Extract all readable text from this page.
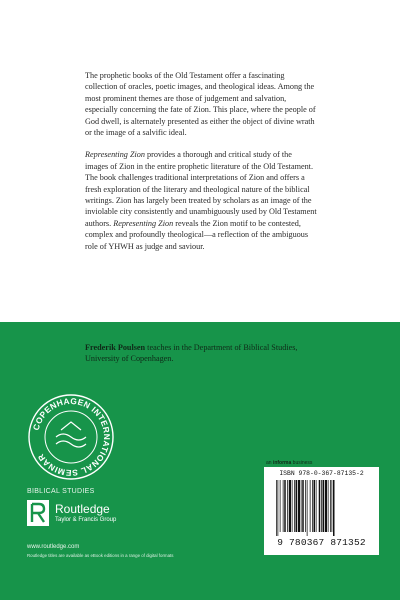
The prophetic books of the Old Testament offer a fascinating collection of oracles, poetic images, and theological ideas. Among the most prominent themes are those of judgement and salvation, especially concerning the fate of Zion. This place, where the people of God dwell, is alternately presented as either the object of divine wrath or the image of a salvific ideal.

Representing Zion provides a thorough and critical study of the images of Zion in the entire prophetic literature of the Old Testament. The book challenges traditional interpretations of Zion and offers a fresh exploration of the literary and theological nature of the biblical writings. Zion has largely been treated by scholars as an image of the inviolable city consistently and unambiguously used by Old Testament authors. Representing Zion reveals the Zion motif to be contested, complex and profoundly theological—a reflection of the ambiguous role of YHWH as judge and saviour.

Frederik Poulsen teaches in the Department of Biblical Studies, University of Copenhagen.
COPENHAGEN INTERNATIONAL SEMINAR
BIBLICAL STUDIES
Routledge
Taylor & Francis Group
www.routledge.com
Routledge titles are available as eBook editions in a range of digital formats
an informa business
ISBN 978-0-367-87135-2
9 780367 871352
